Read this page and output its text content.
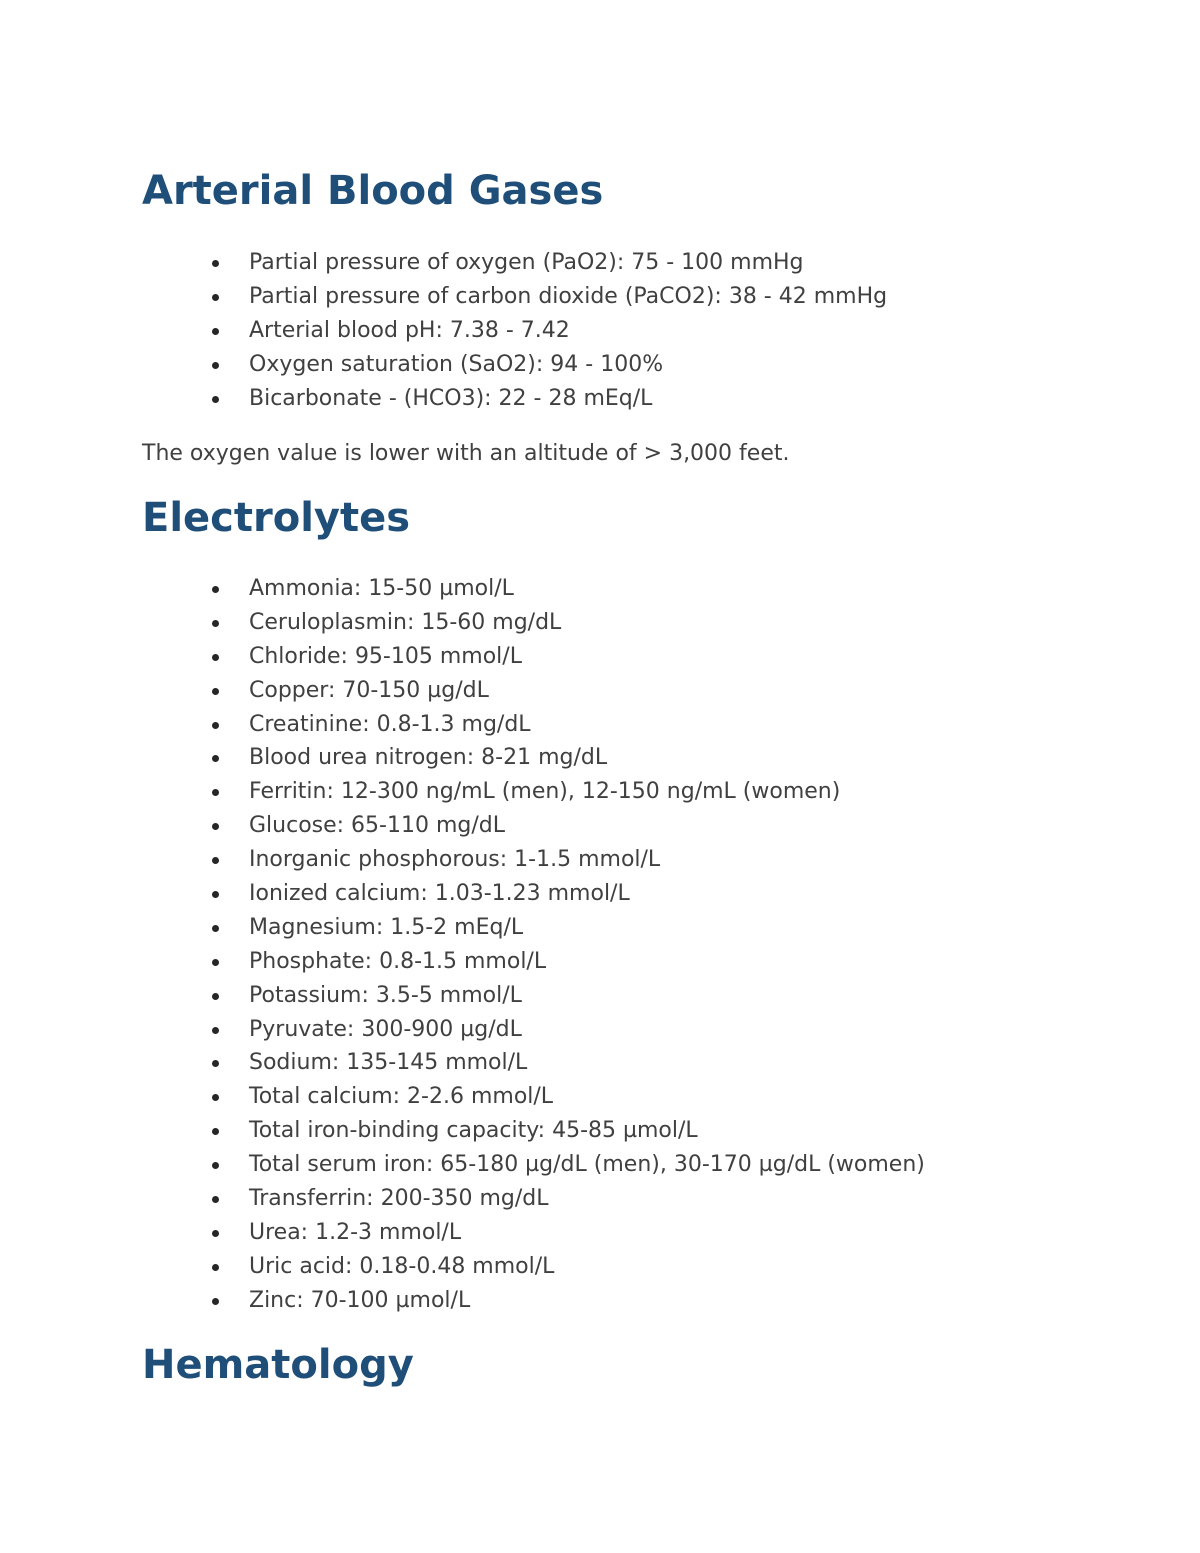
Arterial Blood Gases
Partial pressure of oxygen (PaO2): 75 - 100 mmHg
Partial pressure of carbon dioxide (PaCO2): 38 - 42 mmHg
Arterial blood pH: 7.38 - 7.42
Oxygen saturation (SaO2): 94 - 100%
Bicarbonate - (HCO3): 22 - 28 mEq/L

The oxygen value is lower with an altitude of > 3,000 feet.

Electrolytes
Ammonia: 15-50 µmol/L
Ceruloplasmin: 15-60 mg/dL
Chloride: 95-105 mmol/L
Copper: 70-150 µg/dL
Creatinine: 0.8-1.3 mg/dL
Blood urea nitrogen: 8-21 mg/dL
Ferritin: 12-300 ng/mL (men), 12-150 ng/mL (women)
Glucose: 65-110 mg/dL
Inorganic phosphorous: 1-1.5 mmol/L
Ionized calcium: 1.03-1.23 mmol/L
Magnesium: 1.5-2 mEq/L
Phosphate: 0.8-1.5 mmol/L
Potassium: 3.5-5 mmol/L
Pyruvate: 300-900 µg/dL
Sodium: 135-145 mmol/L
Total calcium: 2-2.6 mmol/L
Total iron-binding capacity: 45-85 µmol/L
Total serum iron: 65-180 µg/dL (men), 30-170 µg/dL (women)
Transferrin: 200-350 mg/dL
Urea: 1.2-3 mmol/L
Uric acid: 0.18-0.48 mmol/L
Zinc: 70-100 µmol/L
Hematology
